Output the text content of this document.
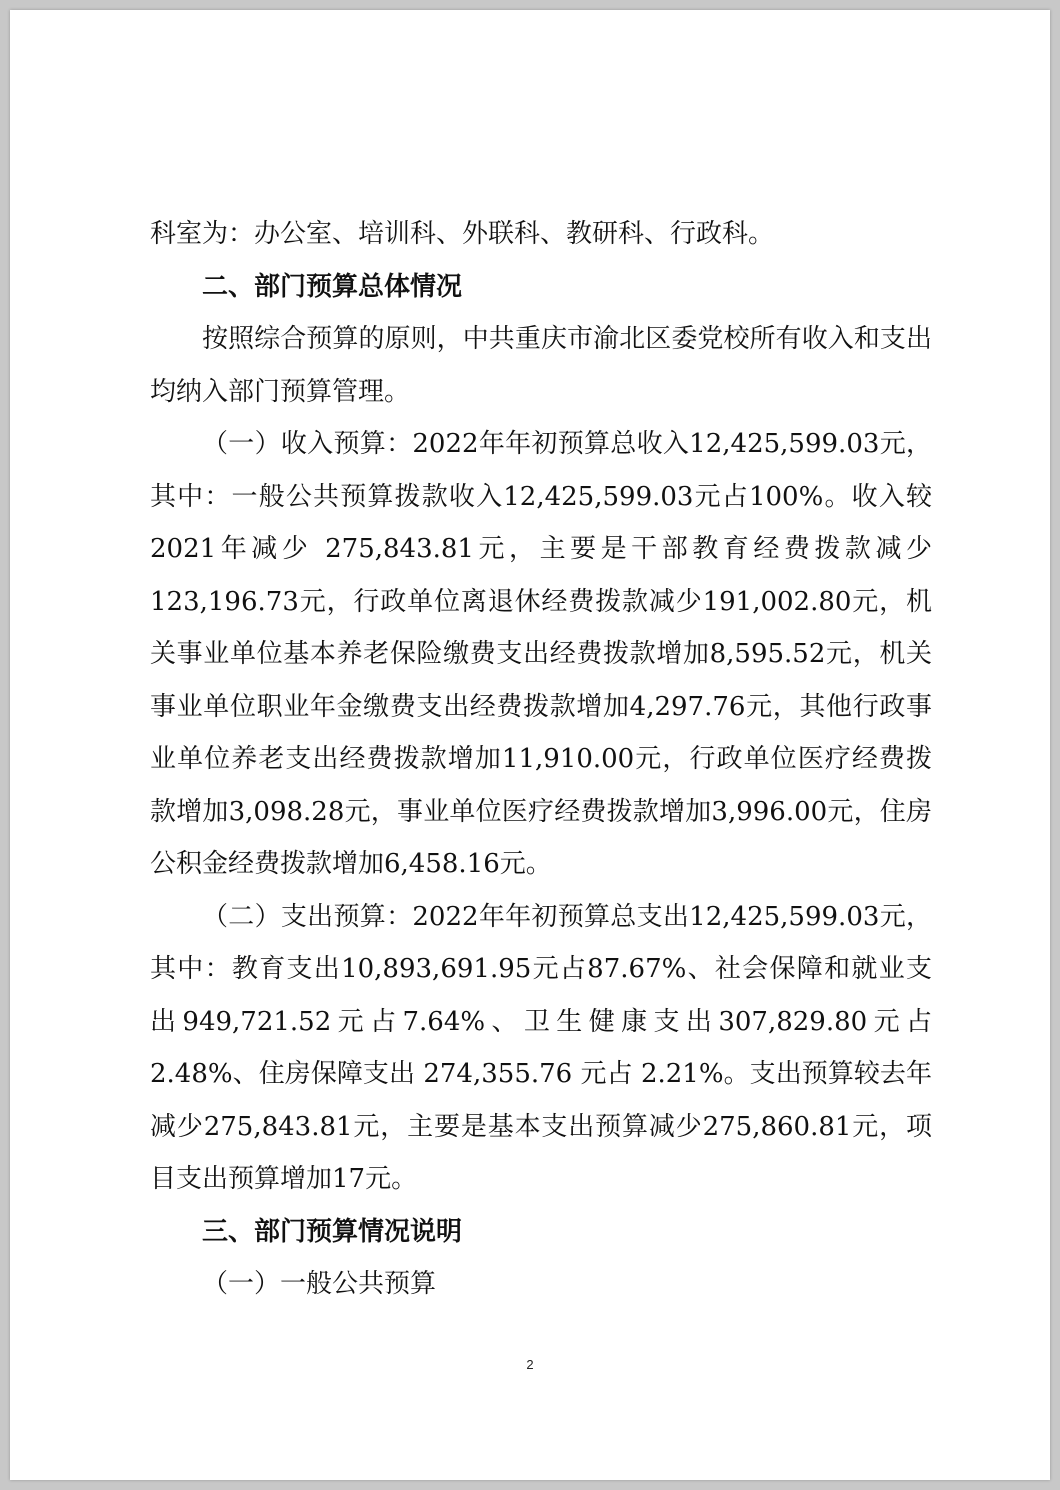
科室为：办公室、培训科、外联科、教研科、行政科。

二、部门预算总体情况

按照综合预算的原则，中共重庆市渝北区委党校所有收入和支出均纳入部门预算管理。

（一）收入预算：2022年年初预算总收入12,425,599.03元，其中：一般公共预算拨款收入12,425,599.03元占100%。收入较2021年减少 275,843.81元，主要是干部教育经费拨款减少123,196.73元，行政单位离退休经费拨款减少191,002.80元，机关事业单位基本养老保险缴费支出经费拨款增加8,595.52元，机关事业单位职业年金缴费支出经费拨款增加4,297.76元，其他行政事业单位养老支出经费拨款增加11,910.00元，行政单位医疗经费拨款增加3,098.28元，事业单位医疗经费拨款增加3,996.00元，住房公积金经费拨款增加6,458.16元。

（二）支出预算：2022年年初预算总支出12,425,599.03元，其中：教育支出10,893,691.95元占87.67%、社会保障和就业支出949,721.52元占7.64%、卫生健康支出307,829.80元占2.48%、住房保障支出 274,355.76 元占 2.21%。支出预算较去年减少275,843.81元，主要是基本支出预算减少275,860.81元，项目支出预算增加17元。

三、部门预算情况说明

（一）一般公共预算

2
